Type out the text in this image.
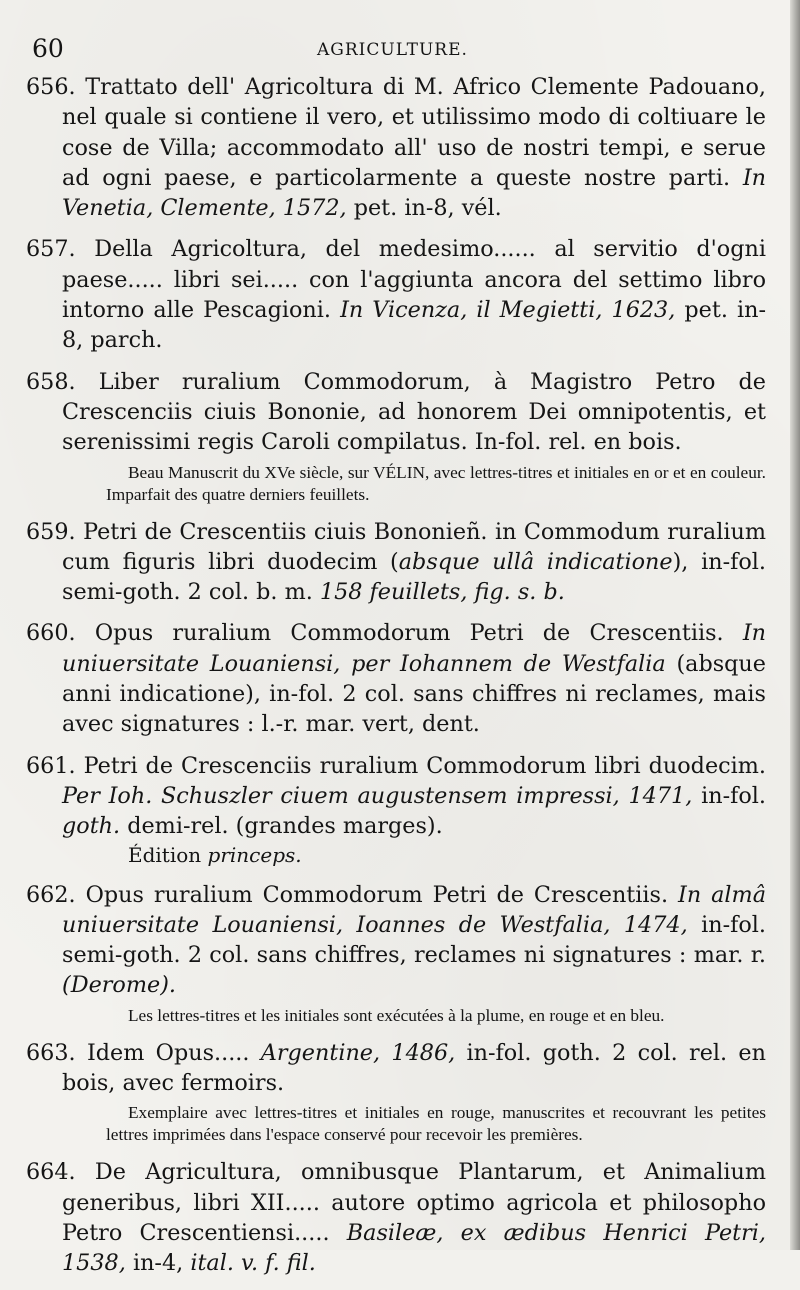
60	AGRICULTURE.

656. Trattato dell' Agricoltura di M. Africo Clemente Padouano, nel quale si contiene il vero, et utilissimo modo di coltiuare le cose de Villa; accommodato all' uso de nostri tempi, e serue ad ogni paese, e particolarmente a queste nostre parti. In Venetia, Clemente, 1572, pet. in-8, vél.

657. Della Agricoltura, del medesimo...... al servitio d'ogni paese..... libri sei..... con l'aggiunta ancora del settimo libro intorno alle Pescagioni. In Vicenza, il Megietti, 1623, pet. in-8, parch.

658. Liber ruralium Commodorum, à Magistro Petro de Crescenciis ciuis Bononie, ad honorem Dei omnipotentis, et serenissimi regis Caroli compilatus. In-fol. rel. en bois.

Beau Manuscrit du XVe siècle, sur VÉLIN, avec lettres-titres et initiales en or et en couleur. Imparfait des quatre derniers feuillets.

659. Petri de Crescentiis ciuis Bononieñ. in Commodum ruralium cum figuris libri duodecim (absque ullâ indicatione), in-fol. semi-goth. 2 col. b. m. 158 feuillets, fig. s. b.

660. Opus ruralium Commodorum Petri de Crescentiis. In uniuersitate Louaniensi, per Iohannem de Westfalia (absque anni indicatione), in-fol. 2 col. sans chiffres ni reclames, mais avec signatures : l.-r. mar. vert, dent.

661. Petri de Crescenciis ruralium Commodorum libri duodecim. Per Ioh. Schuszler ciuem augustensem impressi, 1471, in-fol. goth. demi-rel. (grandes marges).

Édition princeps.

662. Opus ruralium Commodorum Petri de Crescentiis. In almâ uniuersitate Louaniensi, Ioannes de Westfalia, 1474, in-fol. semi-goth. 2 col. sans chiffres, reclames ni signatures : mar. r. (Derome).

Les lettres-titres et les initiales sont exécutées à la plume, en rouge et en bleu.

663. Idem Opus..... Argentine, 1486, in-fol. goth. 2 col. rel. en bois, avec fermoirs.

Exemplaire avec lettres-titres et initiales en rouge, manuscrites et recouvrant les petites lettres imprimées dans l'espace conservé pour recevoir les premières.

664. De Agricultura, omnibusque Plantarum, et Animalium generibus, libri XII..... autore optimo agricola et philosopho Petro Crescentiensi..... Basileæ, ex ædibus Henrici Petri, 1538, in-4, ital. v. f. fil.
